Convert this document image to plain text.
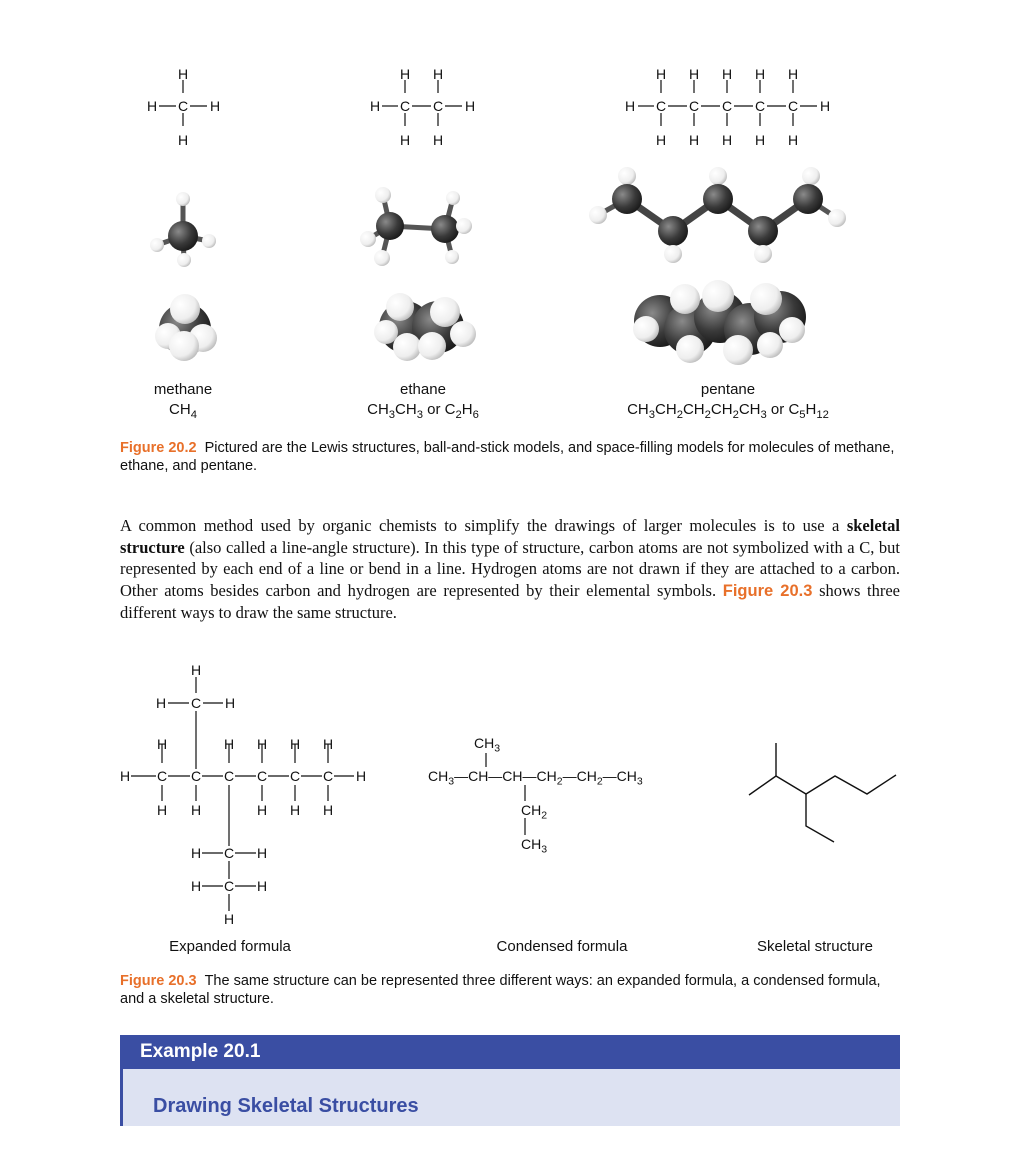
H
C
H
H	H
H H
C C
H H
H	H
H H H H H
C C C C C
H H H H H
H	H
methane
$CH_4$
ethane
$CH_3CH_3$ or $C_2H_6$
pentane
$CH_3CH_2CH_2CH_2CH_3$ or $C_5H_{12}$
Figure 20.2 Pictured are the Lewis structures, ball-and-stick models, and space-filling models for molecules of methane, ethane, and pentane.
A common method used by organic chemists to simplify the drawings of larger molecules is to use a skeletal structure (also called a line-angle structure). In this type of structure, carbon atoms are not symbolized with a C, but represented by each end of a line or bend in a line. Hydrogen atoms are not drawn if they are attached to a carbon. Other atoms besides carbon and hydrogen are represented by their elemental symbols. Figure 20.3 shows three different ways to draw the same structure.
H
H C H
H	H H H H
H C C C C C C H
H H	H H H
H C H
H C H
H
$CH_3$
$CH_3—CH—CH—CH_2—CH_2—CH_3$
$CH_2$
$CH_3$
Expanded formula	Condensed formula	Skeletal structure
Figure 20.3 The same structure can be represented three different ways: an expanded formula, a condensed formula, and a skeletal structure.
Example 20.1
Drawing Skeletal Structures
